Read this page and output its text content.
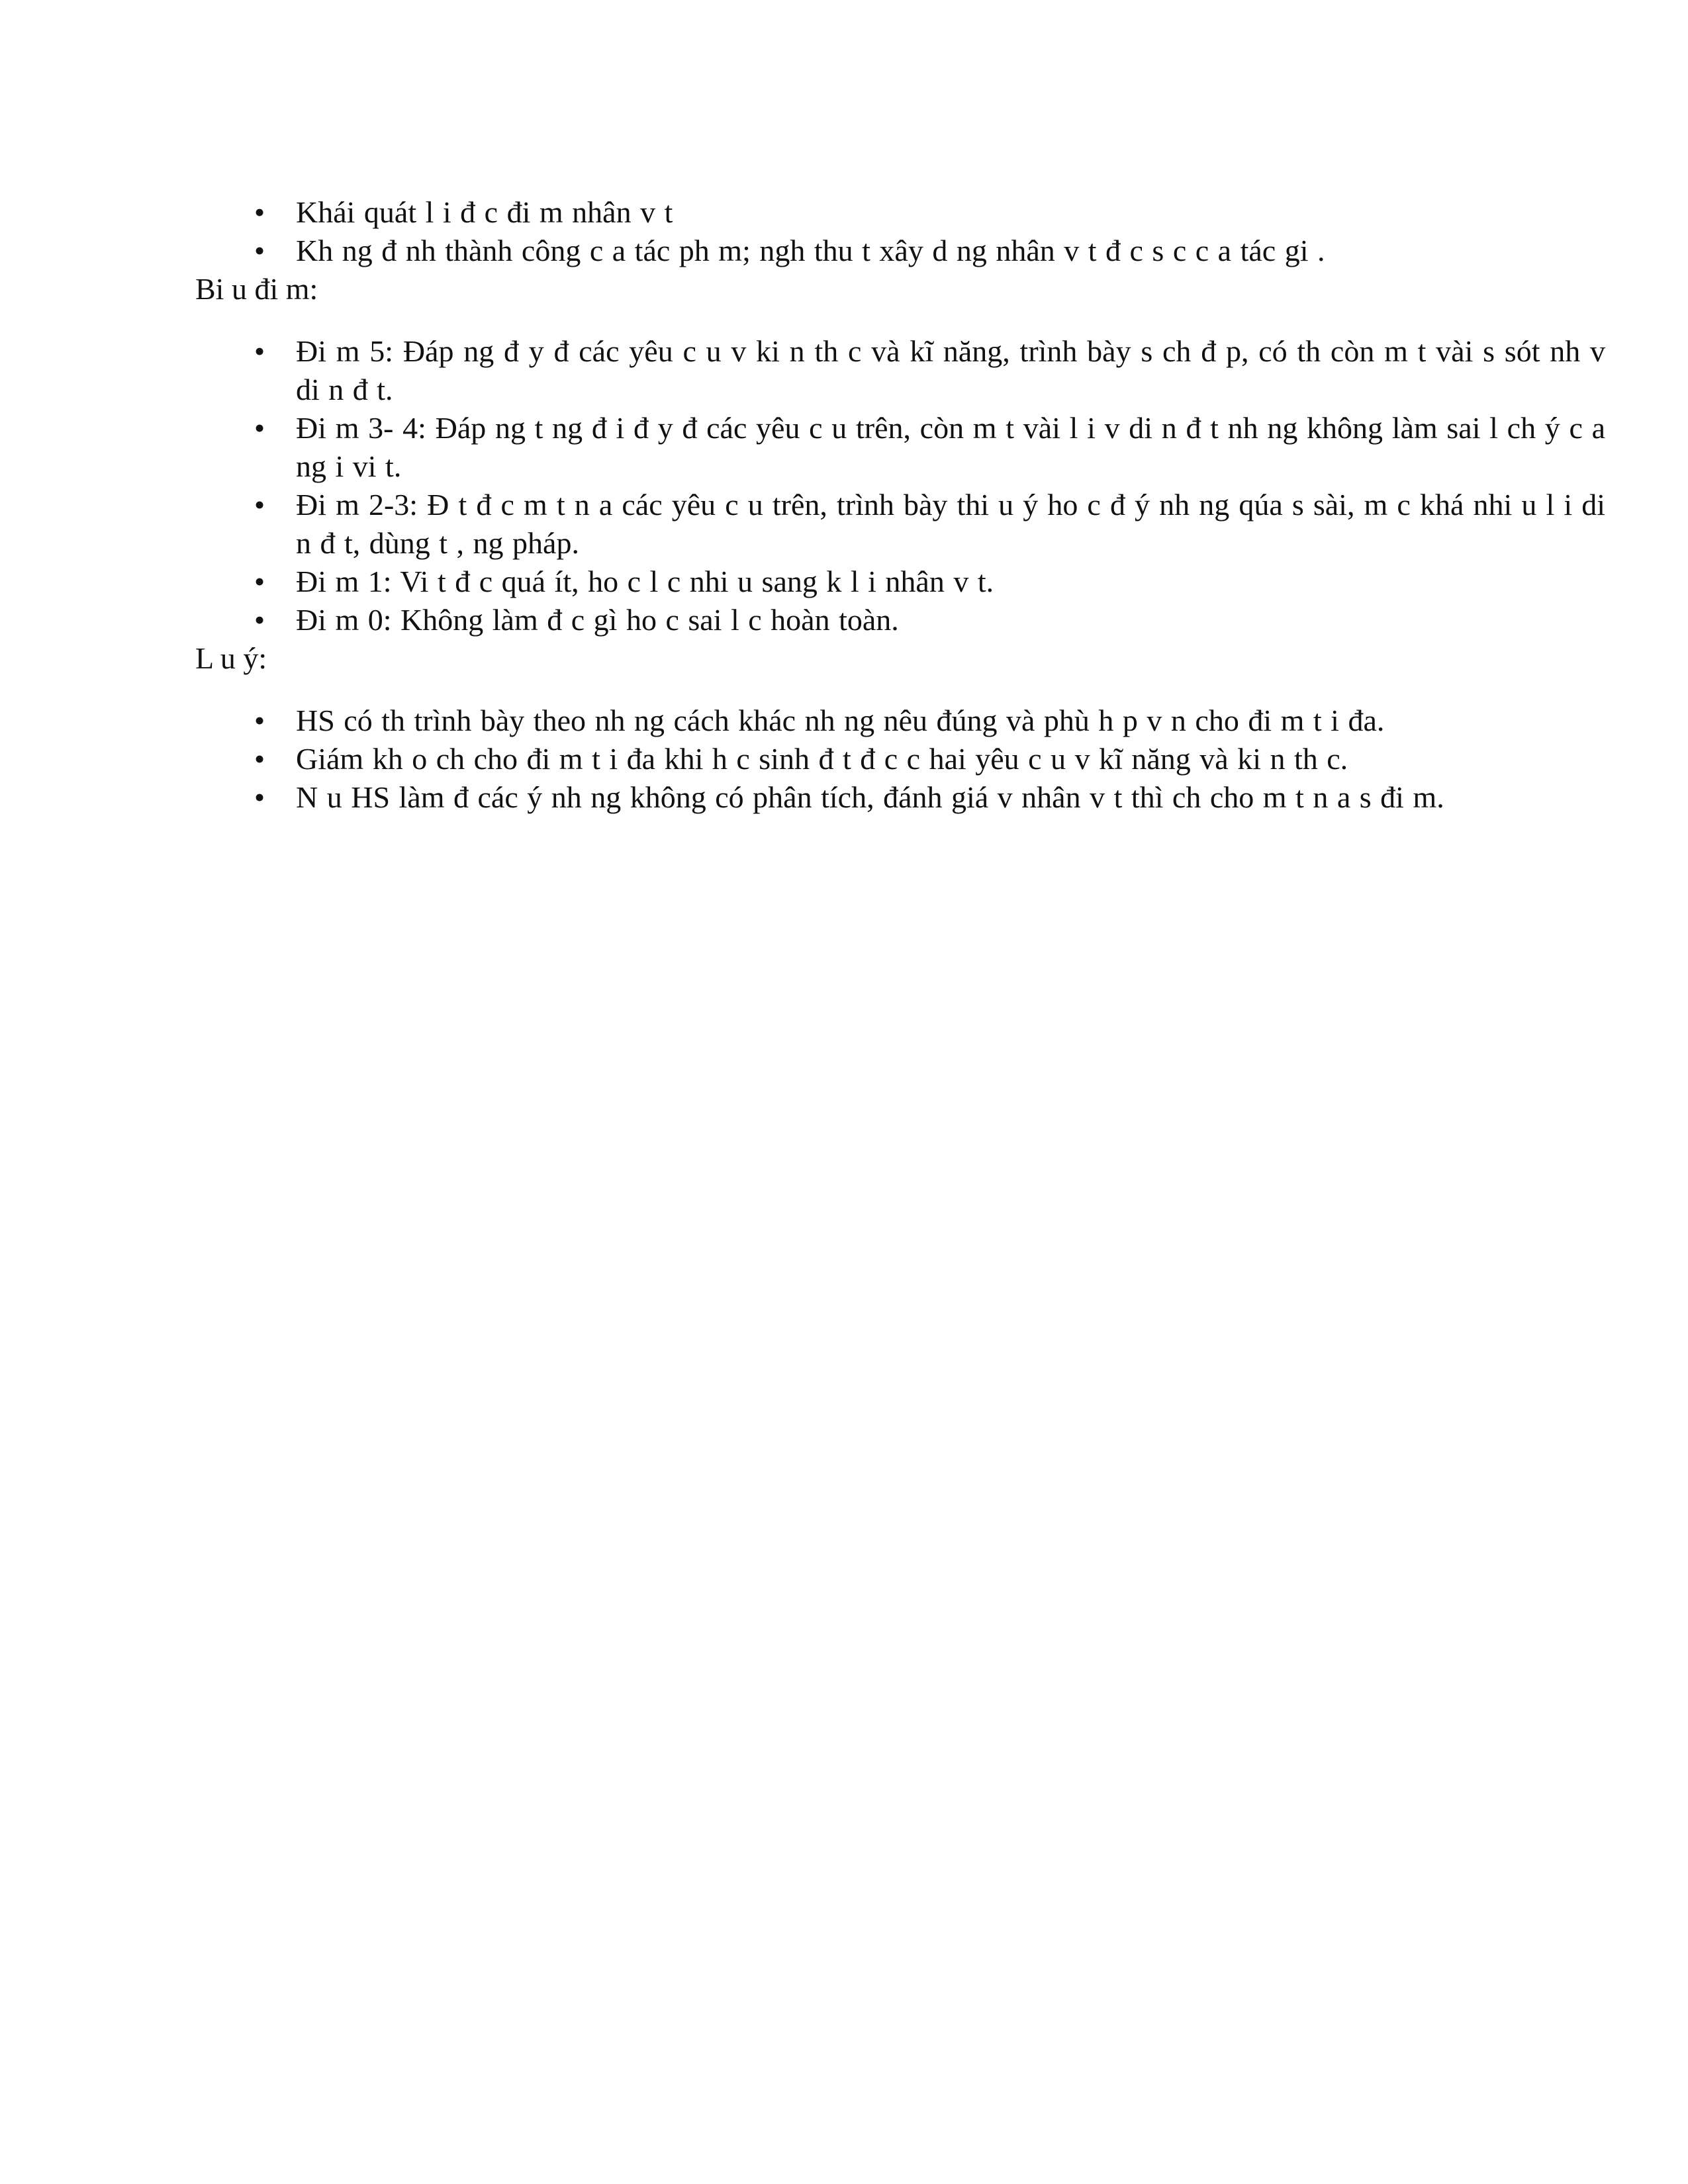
• Khái quát l i đ c đi m nhân v t
• Kh ng đ nh thành công c a tác ph m; ngh thu t xây d ng nhân v t đ c s c c a tác gi .

Bi u đi m:

• Đi m 5: Đáp ng đ y đ các yêu c u v ki n th c và kĩ năng, trình bày s ch đ p, có th còn m t vài s sót nh v di n đ t.
• Đi m 3- 4: Đáp ng t ng đ i đ y đ các yêu c u trên, còn m t vài l i v di n đ t nh ng không làm sai l ch ý c a ng i vi t.
• Đi m 2-3: Đ t đ c m t n a các yêu c u trên, trình bày thi u ý ho c đ ý nh ng qúa s sài, m c khá nhi u l i di n đ t, dùng t , ng pháp.
• Đi m 1: Vi t đ c quá ít, ho c l c nhi u sang k l i nhân v t.
• Đi m 0: Không làm đ c gì ho c sai l c hoàn toàn.

L u ý:

• HS có th trình bày theo nh ng cách khác nh ng nêu đúng và phù h p v n cho đi m t i đa.
• Giám kh o ch cho đi m t i đa khi h c sinh đ t đ c c hai yêu c u v kĩ năng và ki n th c.
• N u HS làm đ các ý nh ng không có phân tích, đánh giá v nhân v t thì ch cho m t n a s đi m.
